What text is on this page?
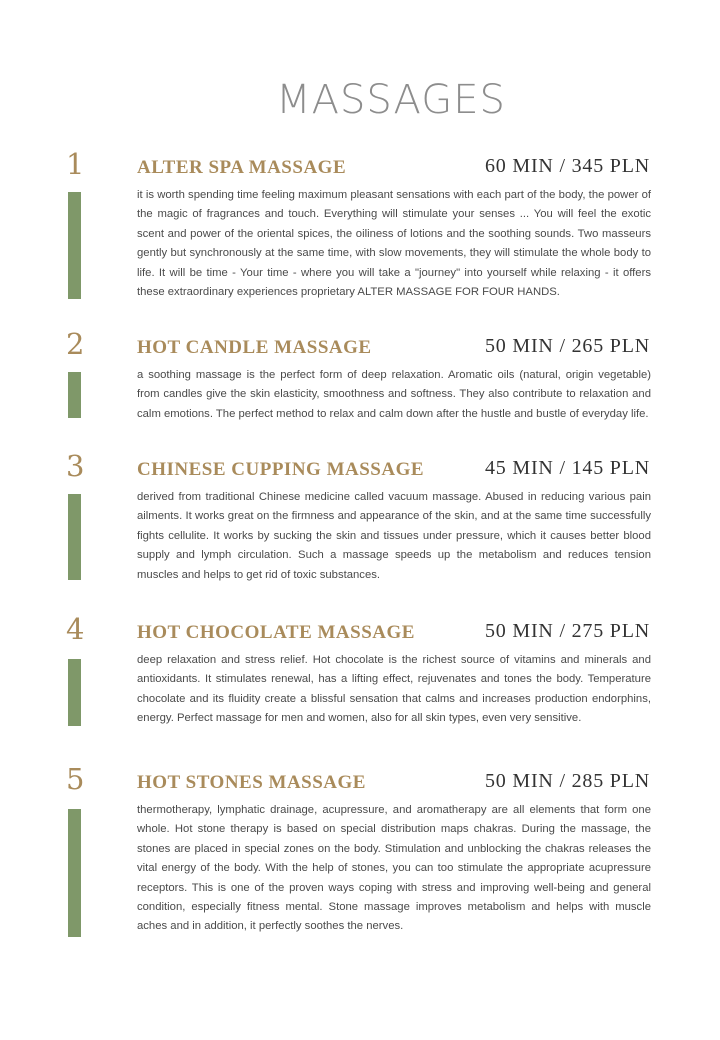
MASSAGES
1	ALTER SPA MASSAGE	60 MIN / 345 PLN

it is worth spending time feeling maximum pleasant sensations with each part of the body, the power of the magic of fragrances and touch. Everything will stimulate your senses ... You will feel the exotic scent and power of the oriental spices, the oiliness of lotions and the soothing sounds. Two masseurs gently but synchronously at the same time, with slow movements, they will stimulate the whole body to life. It will be time - Your time - where you will take a "journey" into yourself while relaxing - it offers these extraordinary experiences proprietary ALTER MASSAGE FOR FOUR HANDS.

2	HOT CANDLE MASSAGE	50 MIN / 265 PLN

a soothing massage is the perfect form of deep relaxation. Aromatic oils (natural, origin vegetable) from candles give the skin elasticity, smoothness and softness. They also contribute to relaxation and calm emotions. The perfect method to relax and calm down after the hustle and bustle of everyday life.

3	CHINESE CUPPING MASSAGE	45 MIN / 145 PLN

derived from traditional Chinese medicine called vacuum massage. Abused in reducing various pain ailments. It works great on the firmness and appearance of the skin, and at the same time successfully fights cellulite. It works by sucking the skin and tissues under pressure, which it causes better blood supply and lymph circulation. Such a massage speeds up the metabolism and reduces tension muscles and helps to get rid of toxic substances.

4	HOT CHOCOLATE MASSAGE	50 MIN / 275 PLN

deep relaxation and stress relief. Hot chocolate is the richest source of vitamins and minerals and antioxidants. It stimulates renewal, has a lifting effect, rejuvenates and tones the body. Temperature chocolate and its fluidity create a blissful sensation that calms and increases production endorphins, energy. Perfect massage for men and women, also for all skin types, even very sensitive.

5	HOT STONES MASSAGE	50 MIN / 285 PLN

thermotherapy, lymphatic drainage, acupressure, and aromatherapy are all elements that form one whole. Hot stone therapy is based on special distribution maps chakras. During the massage, the stones are placed in special zones on the body. Stimulation and unblocking the chakras releases the vital energy of the body. With the help of stones, you can too stimulate the appropriate acupressure receptors. This is one of the proven ways coping with stress and improving well-being and general condition, especially fitness mental. Stone massage improves metabolism and helps with muscle aches and in addition, it perfectly soothes the nerves.
